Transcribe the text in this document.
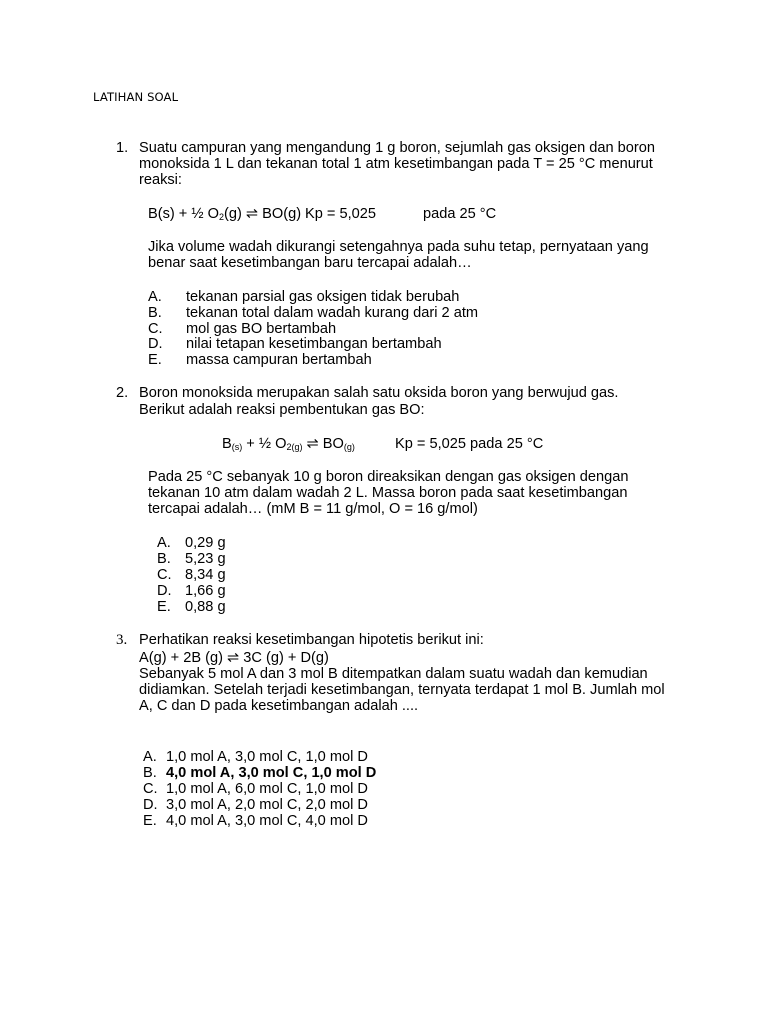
LATIHAN SOAL
1. Suatu campuran yang mengandung 1 g boron, sejumlah gas oksigen dan boron
monoksida 1 L dan tekanan total 1 atm kesetimbangan pada T = 25 °C menurut
reaksi:
B(s) + ½ $O_2(g)$ ⇌ BO(g) Kp = 5,025	pada 25 °C
Jika volume wadah dikurangi setengahnya pada suhu tetap, pernyataan yang
benar saat kesetimbangan baru tercapai adalah…
A. tekanan parsial gas oksigen tidak berubah
B. tekanan total dalam wadah kurang dari 2 atm
C. mol gas BO bertambah
D. nilai tetapan kesetimbangan bertambah
E. massa campuran bertambah
2. Boron monoksida merupakan salah satu oksida boron yang berwujud gas.
Berikut adalah reaksi pembentukan gas BO:
B(s) + ½ O2(g) ⇌ BO(g)	Kp = 5,025 pada 25 °C
Pada 25 °C sebanyak 10 g boron direaksikan dengan gas oksigen dengan
tekanan 10 atm dalam wadah 2 L. Massa boron pada saat kesetimbangan
tercapai adalah… (mM B = 11 g/mol, O = 16 g/mol)
A. 0,29 g
B. 5,23 g
C. 8,34 g
D. 1,66 g
E. 0,88 g
3. Perhatikan reaksi kesetimbangan hipotetis berikut ini:
A(g) + 2B (g) ⇌ 3C (g) + D(g)
Sebanyak 5 mol A dan 3 mol B ditempatkan dalam suatu wadah dan kemudian
didiamkan. Setelah terjadi kesetimbangan, ternyata terdapat 1 mol B. Jumlah mol
A, C dan D pada kesetimbangan adalah ....
A. 1,0 mol A, 3,0 mol C, 1,0 mol D
B. 4,0 mol A, 3,0 mol C, 1,0 mol D
C. 1,0 mol A, 6,0 mol C, 1,0 mol D
D. 3,0 mol A, 2,0 mol C, 2,0 mol D
E. 4,0 mol A, 3,0 mol C, 4,0 mol D
